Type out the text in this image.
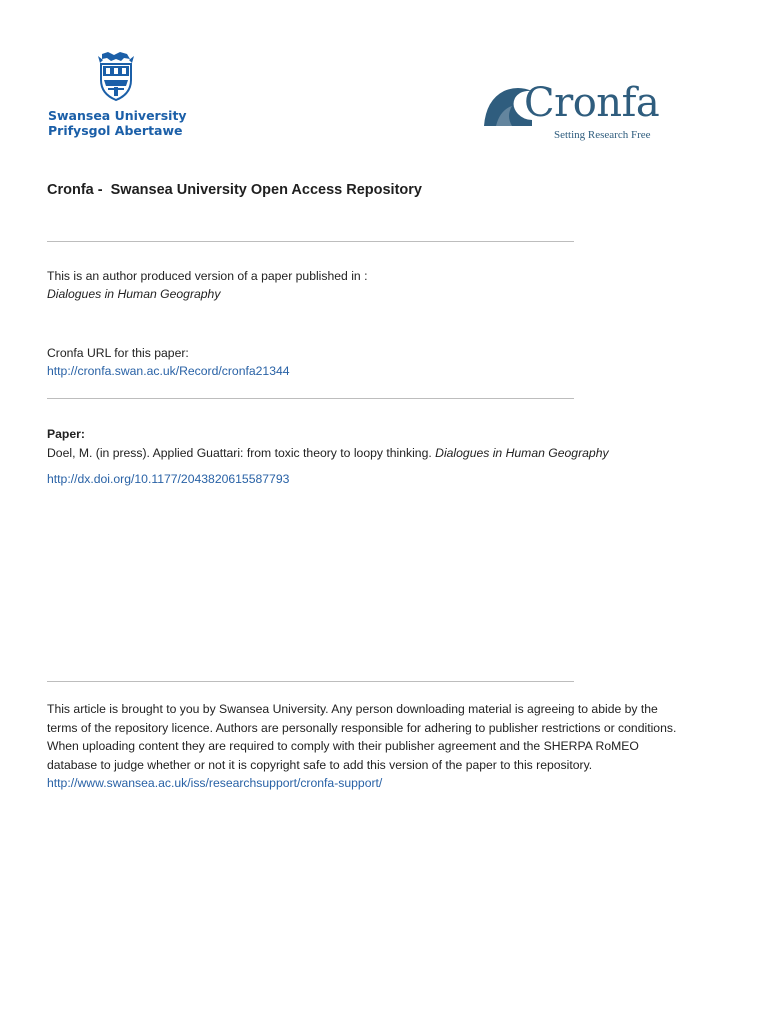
Swansea University
Prifysgol Abertawe
Cronfa
Setting Research Free
Cronfa -  Swansea University Open Access Repository
This is an author produced version of a paper published in :
Dialogues in Human Geography
Cronfa URL for this paper:
http://cronfa.swan.ac.uk/Record/cronfa21344
Paper:
Doel, M. (in press). Applied Guattari: from toxic theory to loopy thinking. Dialogues in Human Geography
http://dx.doi.org/10.1177/2043820615587793
This article is brought to you by Swansea University. Any person downloading material is agreeing to abide by the
terms of the repository licence. Authors are personally responsible for adhering to publisher restrictions or conditions.
When uploading content they are required to comply with their publisher agreement and the SHERPA RoMEO
database to judge whether or not it is copyright safe to add this version of the paper to this repository.
http://www.swansea.ac.uk/iss/researchsupport/cronfa-support/
